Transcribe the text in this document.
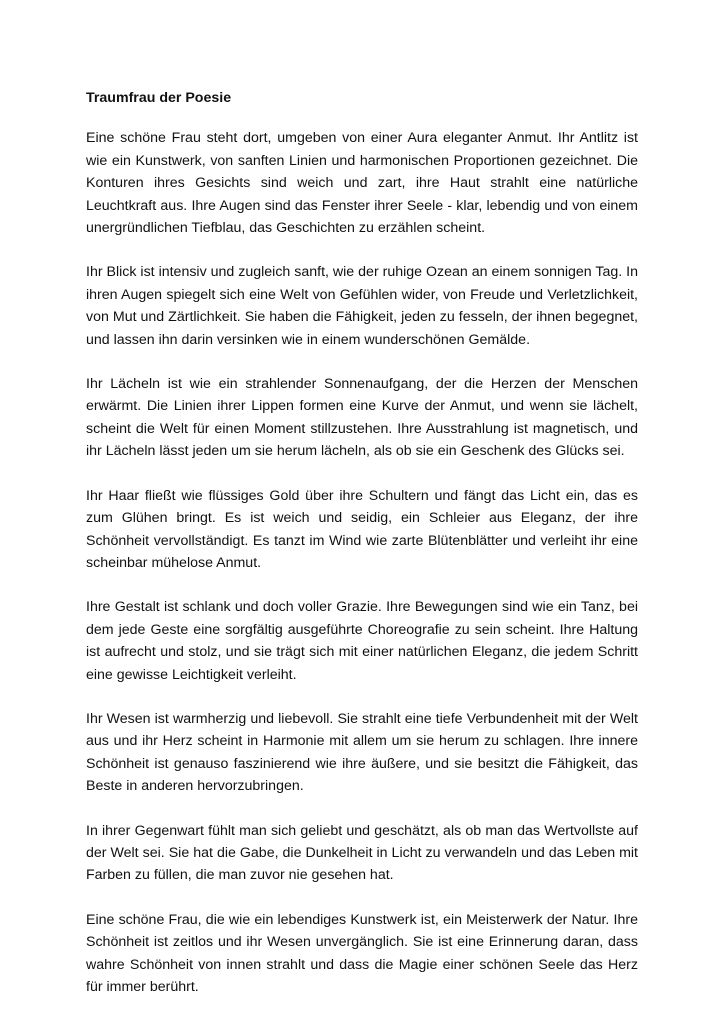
Traumfrau der Poesie

Eine schöne Frau steht dort, umgeben von einer Aura eleganter Anmut. Ihr Antlitz ist wie ein Kunstwerk, von sanften Linien und harmonischen Proportionen gezeichnet. Die Konturen ihres Gesichts sind weich und zart, ihre Haut strahlt eine natürliche Leuchtkraft aus. Ihre Augen sind das Fenster ihrer Seele - klar, lebendig und von einem unergründlichen Tiefblau, das Geschichten zu erzählen scheint.

Ihr Blick ist intensiv und zugleich sanft, wie der ruhige Ozean an einem sonnigen Tag. In ihren Augen spiegelt sich eine Welt von Gefühlen wider, von Freude und Verletzlichkeit, von Mut und Zärtlichkeit. Sie haben die Fähigkeit, jeden zu fesseln, der ihnen begegnet, und lassen ihn darin versinken wie in einem wunderschönen Gemälde.

Ihr Lächeln ist wie ein strahlender Sonnenaufgang, der die Herzen der Menschen erwärmt. Die Linien ihrer Lippen formen eine Kurve der Anmut, und wenn sie lächelt, scheint die Welt für einen Moment stillzustehen. Ihre Ausstrahlung ist magnetisch, und ihr Lächeln lässt jeden um sie herum lächeln, als ob sie ein Geschenk des Glücks sei.

Ihr Haar fließt wie flüssiges Gold über ihre Schultern und fängt das Licht ein, das es zum Glühen bringt. Es ist weich und seidig, ein Schleier aus Eleganz, der ihre Schönheit vervollständigt. Es tanzt im Wind wie zarte Blütenblätter und verleiht ihr eine scheinbar mühelose Anmut.

Ihre Gestalt ist schlank und doch voller Grazie. Ihre Bewegungen sind wie ein Tanz, bei dem jede Geste eine sorgfältig ausgeführte Choreografie zu sein scheint. Ihre Haltung ist aufrecht und stolz, und sie trägt sich mit einer natürlichen Eleganz, die jedem Schritt eine gewisse Leichtigkeit verleiht.

Ihr Wesen ist warmherzig und liebevoll. Sie strahlt eine tiefe Verbundenheit mit der Welt aus und ihr Herz scheint in Harmonie mit allem um sie herum zu schlagen. Ihre innere Schönheit ist genauso faszinierend wie ihre äußere, und sie besitzt die Fähigkeit, das Beste in anderen hervorzubringen.

In ihrer Gegenwart fühlt man sich geliebt und geschätzt, als ob man das Wertvollste auf der Welt sei. Sie hat die Gabe, die Dunkelheit in Licht zu verwandeln und das Leben mit Farben zu füllen, die man zuvor nie gesehen hat.

Eine schöne Frau, die wie ein lebendiges Kunstwerk ist, ein Meisterwerk der Natur. Ihre Schönheit ist zeitlos und ihr Wesen unvergänglich. Sie ist eine Erinnerung daran, dass wahre Schönheit von innen strahlt und dass die Magie einer schönen Seele das Herz für immer berührt.
